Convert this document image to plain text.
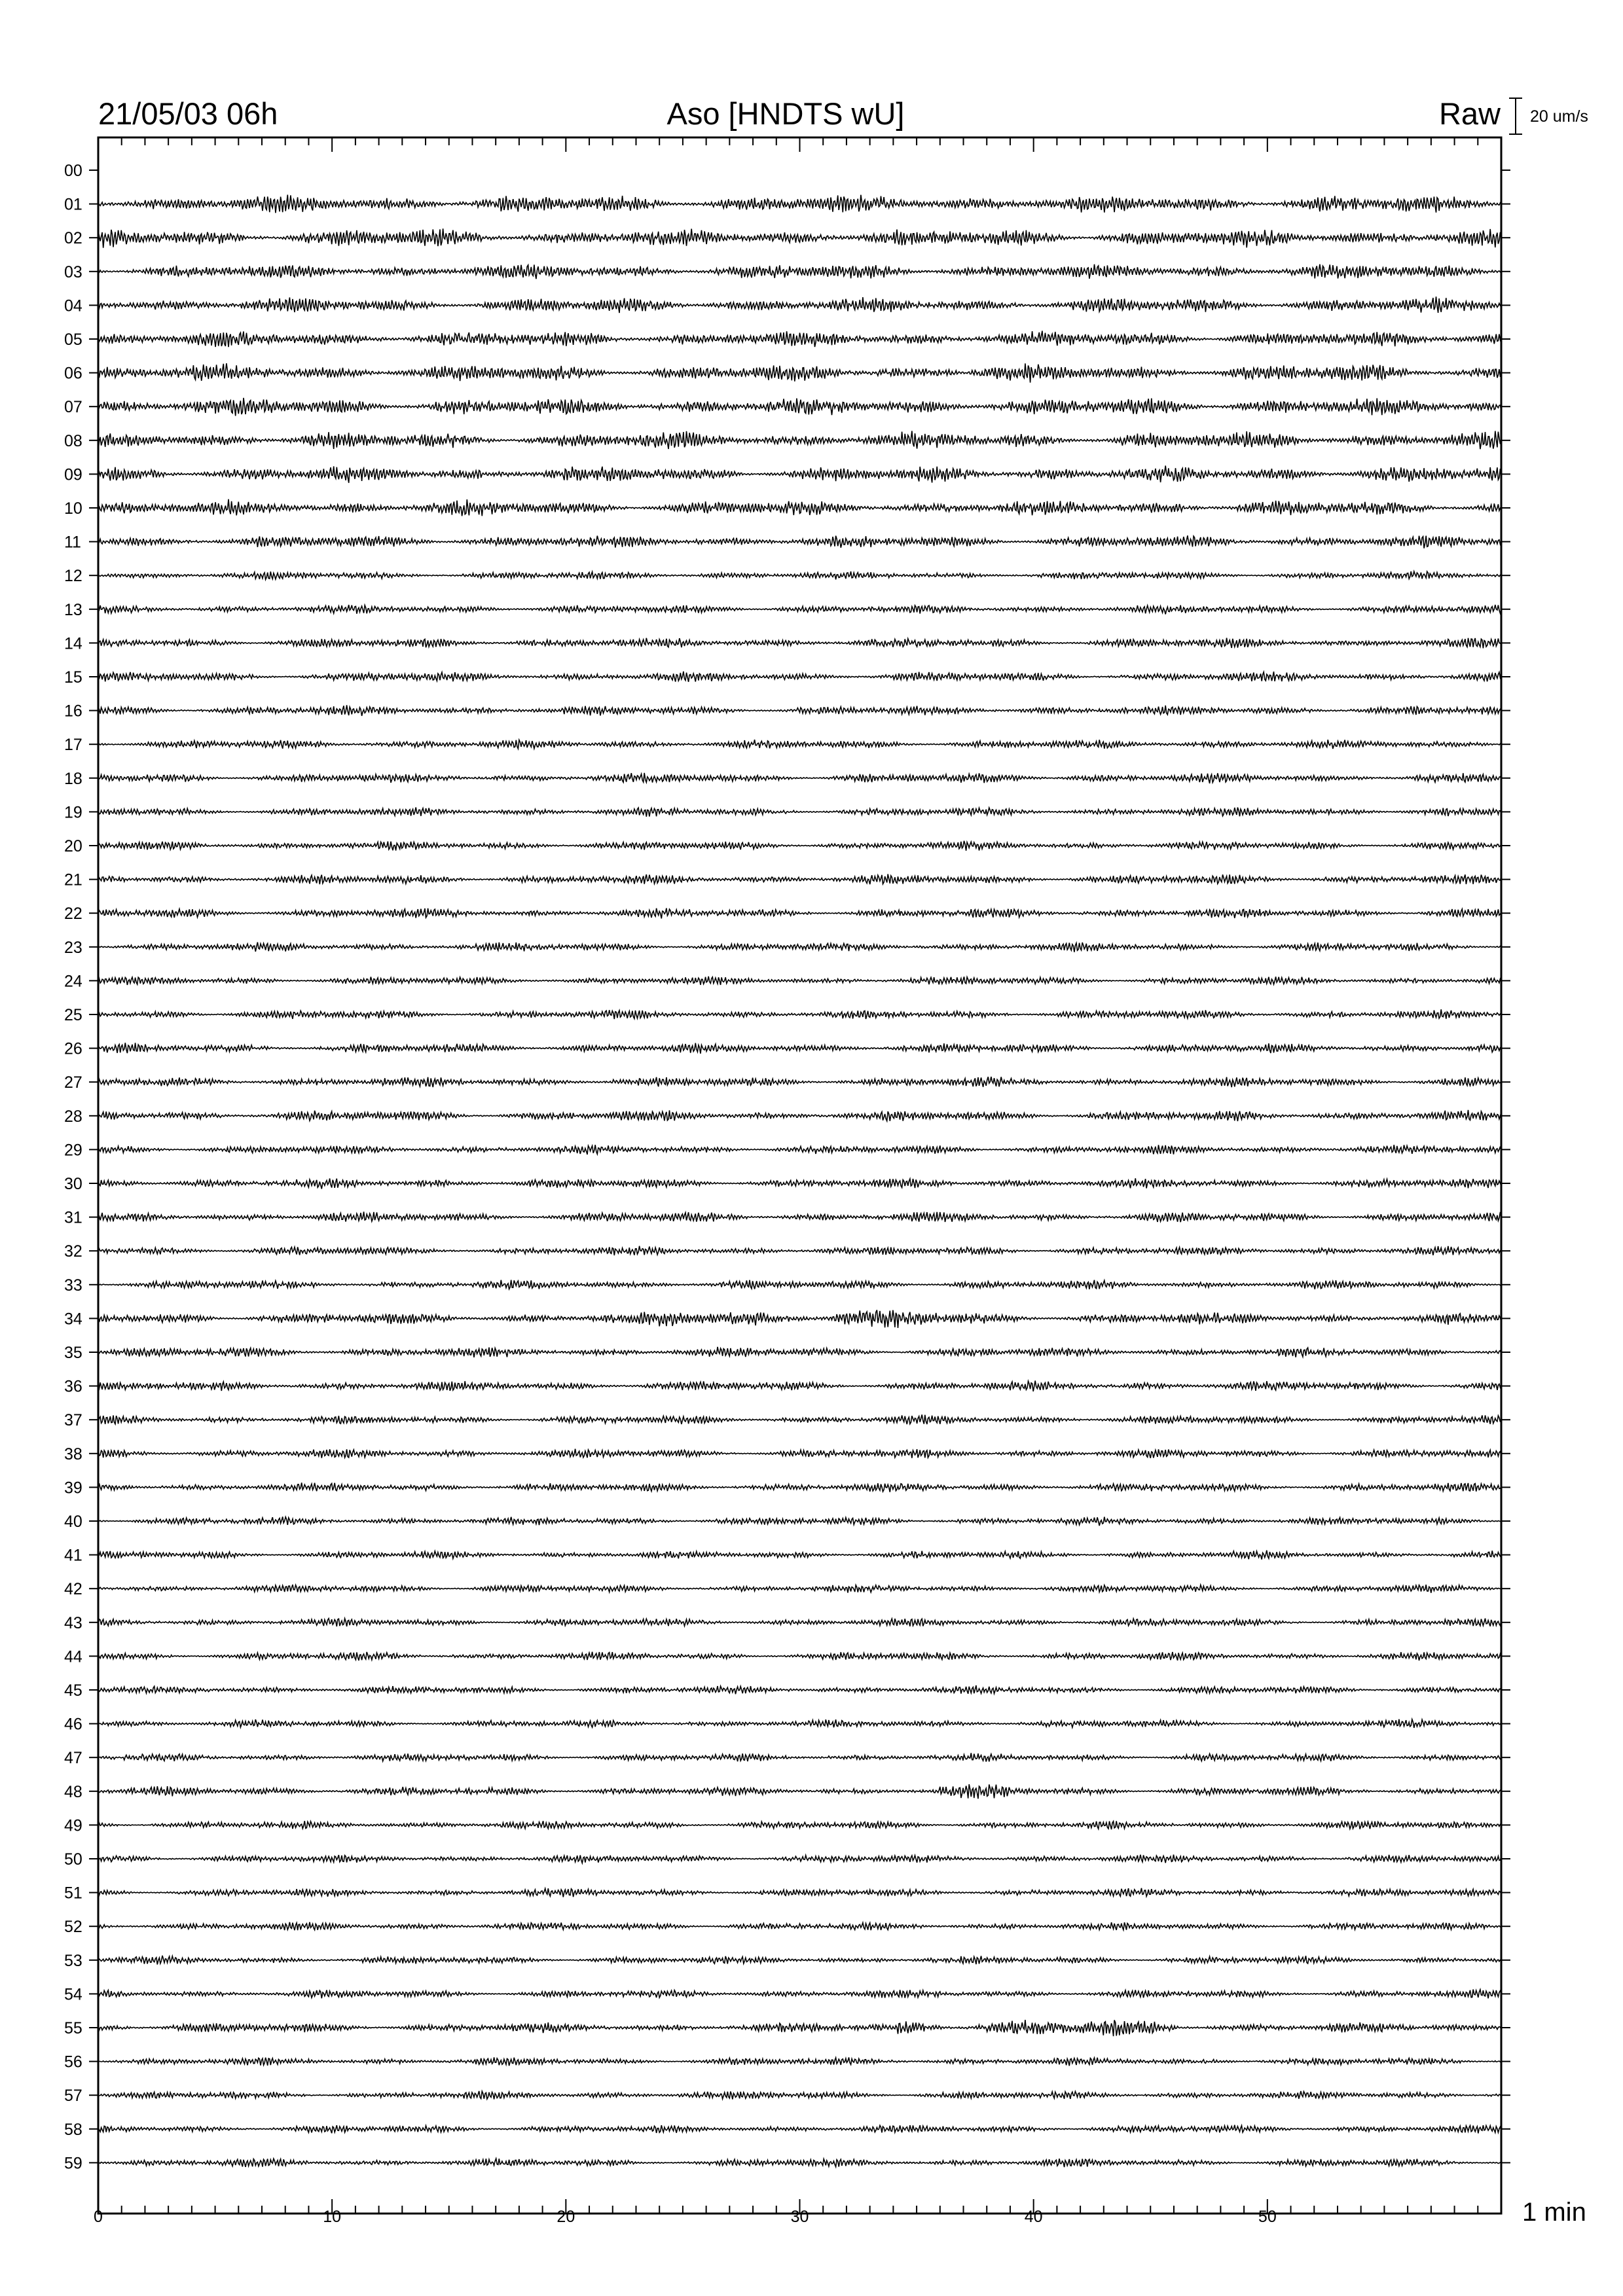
21/05/03 06h	Aso [HNDTS wU]	Raw 20 um/s
00
01
02
03
04
05
06
07
08
09
10
11
12
13
14
15
16
17
18
19
20
21
22
23
24
25
26
27
28
29
30
31
32
33
34
35
36
37
38
39
40
41
42
43
44
45
46
47
48
49
50
51
52
53
54
55
56
57
58
59
0	10	20	30	40	50	1 min
